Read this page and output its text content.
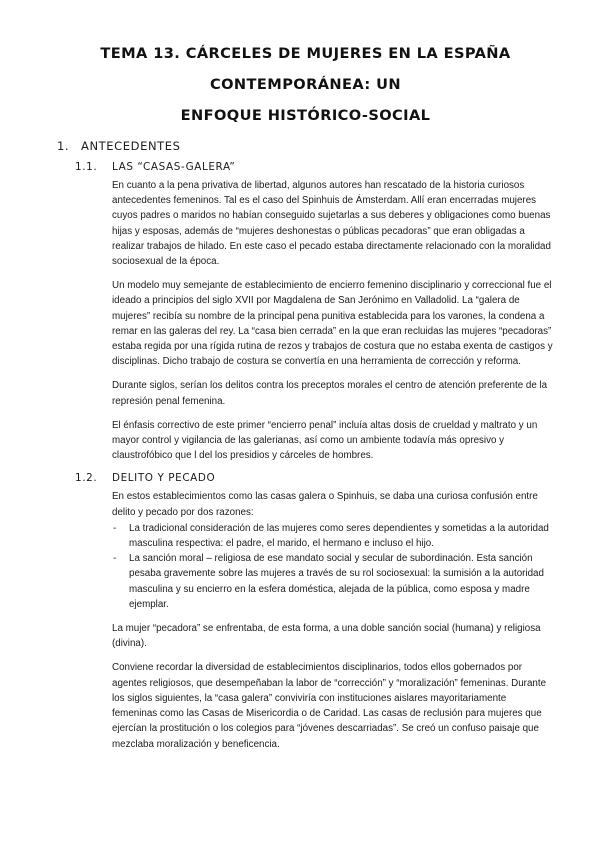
TEMA 13. CÁRCELES DE MUJERES EN LA ESPAÑA CONTEMPORÁNEA: UN
ENFOQUE HISTÓRICO-SOCIAL
1.	ANTECEDENTES
1.1.	LAS “CASAS-GALERA”

En cuanto a la pena privativa de libertad, algunos autores han rescatado de la historia curiosos antecedentes femeninos. Tal es el caso del Spinhuis de Ámsterdam. Allí eran encerradas mujeres cuyos padres o maridos no habían conseguido sujetarlas a sus deberes y obligaciones como buenas hijas y esposas, además de “mujeres deshonestas o públicas pecadoras” que eran obligadas a realizar trabajos de hilado. En este caso el pecado estaba directamente relacionado con la moralidad sociosexual de la época.

Un modelo muy semejante de establecimiento de encierro femenino disciplinario y correccional fue el ideado a principios del siglo XVII por Magdalena de San Jerónimo en Valladolid. La “galera de mujeres” recibía su nombre de la principal pena punitiva establecida para los varones, la condena a remar en las galeras del rey. La “casa bien cerrada” en la que eran recluidas las mujeres “pecadoras” estaba regida por una rígida rutina de rezos y trabajos de costura que no estaba exenta de castigos y disciplinas. Dicho trabajo de costura se convertía en una herramienta de corrección y reforma.

Durante siglos, serían los delitos contra los preceptos morales el centro de atención preferente de la represión penal femenina.

El énfasis correctivo de este primer “encierro penal” incluía altas dosis de crueldad y maltrato y un mayor control y vigilancia de las galerianas, así como un ambiente todavía más opresivo y claustrofóbico que l del los presidios y cárceles de hombres.

1.2.	DELITO Y PECADO

En estos establecimientos como las casas galera o Spinhuis, se daba una curiosa confusión entre delito y pecado por dos razones:

- La tradicional consideración de las mujeres como seres dependientes y sometidas a la autoridad masculina respectiva: el padre, el marido, el hermano e incluso el hijo.
- La sanción moral – religiosa de ese mandato social y secular de subordinación. Esta sanción pesaba gravemente sobre las mujeres a través de su rol sociosexual: la sumisión a la autoridad masculina y su encierro en la esfera doméstica, alejada de la pública, como esposa y madre ejemplar.

La mujer “pecadora” se enfrentaba, de esta forma, a una doble sanción social (humana) y religiosa (divina).

Conviene recordar la diversidad de establecimientos disciplinarios, todos ellos gobernados por agentes religiosos, que desempeñaban la labor de “corrección” y “moralización” femeninas. Durante los siglos siguientes, la “casa galera” conviviría con instituciones aislares mayoritariamente femeninas como las Casas de Misericordia o de Caridad. Las casas de reclusión para mujeres que ejercían la prostitución o los colegios para “jóvenes descarriadas”. Se creó un confuso paisaje que mezclaba moralización y beneficencia.
